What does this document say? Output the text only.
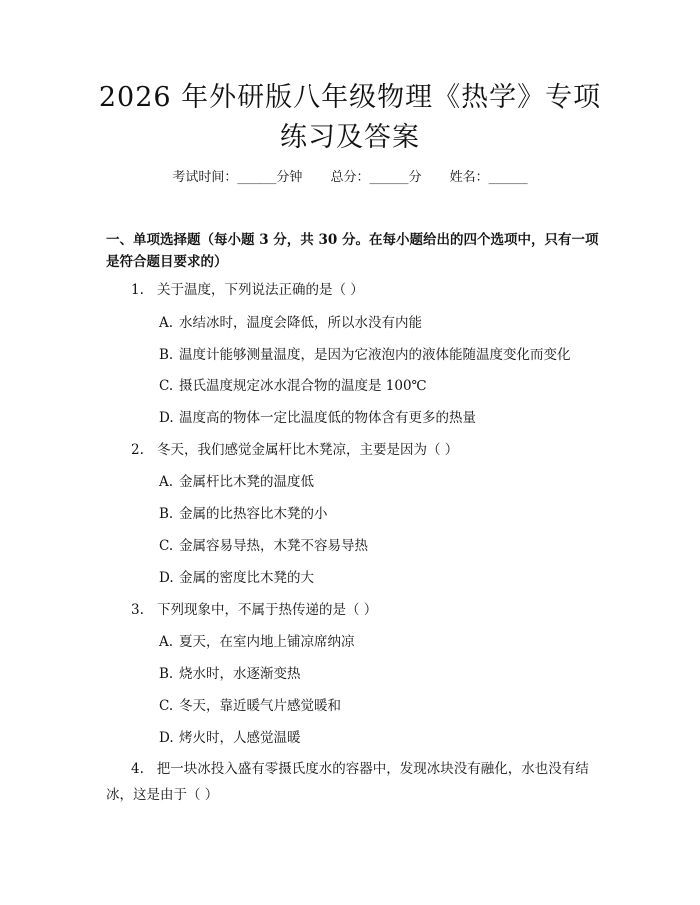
2026 年外研版八年级物理《热学》专项练习及答案
考试时间：______分钟 总分：______分 姓名：______

一、单项选择题（每小题 3 分，共 30 分。在每小题给出的四个选项中，只有一项是符合题目要求的）

1. 关于温度，下列说法正确的是（ ）
A. 水结冰时，温度会降低，所以水没有内能
B. 温度计能够测量温度，是因为它液泡内的液体能随温度变化而变化
C. 摄氏温度规定冰水混合物的温度是 100℃
D. 温度高的物体一定比温度低的物体含有更多的热量
2. 冬天，我们感觉金属杆比木凳凉，主要是因为（ ）
A. 金属杆比木凳的温度低
B. 金属的比热容比木凳的小
C. 金属容易导热，木凳不容易导热
D. 金属的密度比木凳的大
3. 下列现象中，不属于热传递的是（ ）
A. 夏天，在室内地上铺凉席纳凉
B. 烧水时，水逐渐变热
C. 冬天，靠近暖气片感觉暖和
D. 烤火时，人感觉温暖

4. 把一块冰投入盛有零摄氏度水的容器中，发现冰块没有融化，水也没有结冰，这是由于（ ）
